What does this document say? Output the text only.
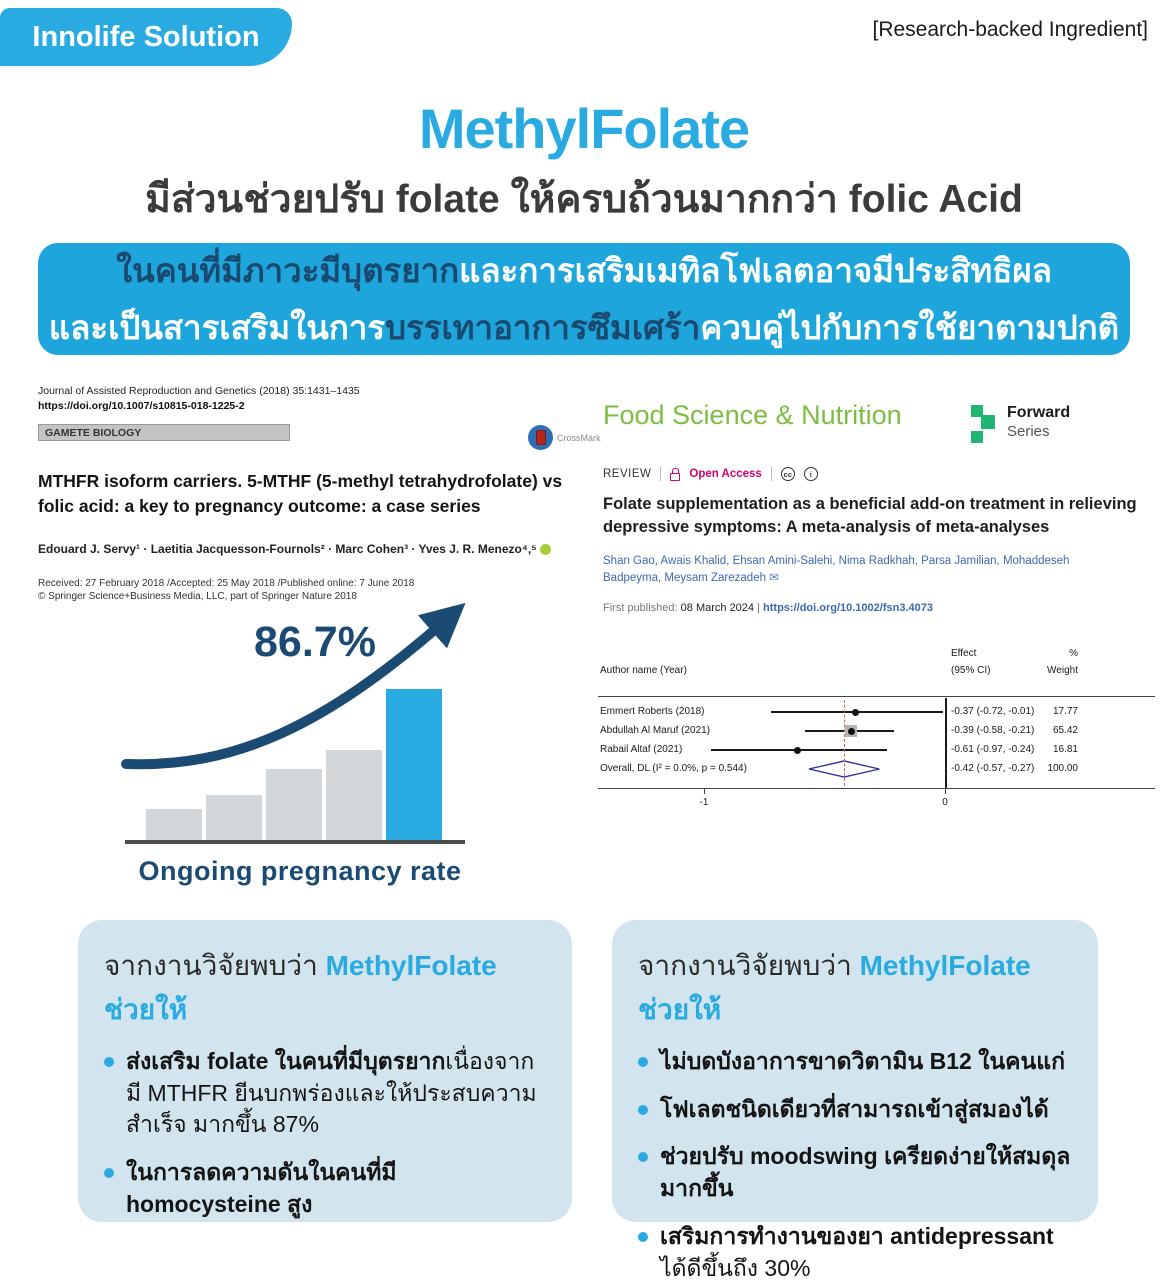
Innolife Solution	[Research-backed Ingredient]
MethylFolate
มีส่วนช่วยปรับ folate ให้ครบถ้วนมากกว่า folic Acid
ในคนที่มีภาวะมีบุตรยากและการเสริมเมทิลโฟเลตอาจมีประสิทธิผล
และเป็นสารเสริมในการบรรเทาอาการซึมเศร้าควบคู่ไปกับการใช้ยาตามปกติ
Journal of Assisted Reproduction and Genetics (2018) 35:1431–1435
https://doi.org/10.1007/s10815-018-1225-2
GAMETE BIOLOGY	CrossMark
MTHFR isoform carriers. 5-MTHF (5-methyl tetrahydrofolate) vs folic acid: a key to pregnancy outcome: a case series
Edouard J. Servy¹ · Laetitia Jacquesson-Fournols² · Marc Cohen³ · Yves J. R. Menezo⁴,⁵
Received: 27 February 2018 /Accepted: 25 May 2018 /Published online: 7 June 2018
© Springer Science+Business Media, LLC, part of Springer Nature 2018
86.7%
Ongoing pregnancy rate
Food Science & Nutrition	Forward
Series
REVIEW	Open Access	cc	i
Folate supplementation as a beneficial add-on treatment in relieving depressive symptoms: A meta-analysis of meta-analyses
Shan Gao, Awais Khalid, Ehsan Amini-Salehi, Nima Radkhah, Parsa Jamilian, Mohaddeseh Badpeyma, Meysam Zarezadeh ✉
First published: 08 March 2024 | https://doi.org/10.1002/fsn3.4073
Effect	%
Author name (Year)	(95% CI)	Weight
Emmert Roberts (2018)	-0.37 (-0.72, -0.01)	17.77
Abdullah Al Maruf (2021)	-0.39 (-0.58, -0.21)	65.42
Rabail Altaf (2021)	-0.61 (-0.97, -0.24)	16.81
Overall, DL (I² = 0.0%, p = 0.544)	-0.42 (-0.57, -0.27)	100.00
-1	0
จากงานวิจัยพบว่า MethylFolate ช่วยให้
ส่งเสริม folate ในคนที่มีบุตรยากเนื่องจากมี MTHFR ยีนบกพร่องและให้ประสบความสำเร็จ มากขึ้น 87%
ในการลดความดันในคนที่มี homocysteine สูง
จากงานวิจัยพบว่า MethylFolate ช่วยให้
ไม่บดบังอาการขาดวิตามิน B12 ในคนแก่
โฟเลตชนิดเดียวที่สามารถเข้าสู่สมองได้
ช่วยปรับ moodswing เครียดง่ายให้สมดุล มากขึ้น
เสริมการทำงานของยา antidepressant ได้ดีขึ้นถึง 30%
